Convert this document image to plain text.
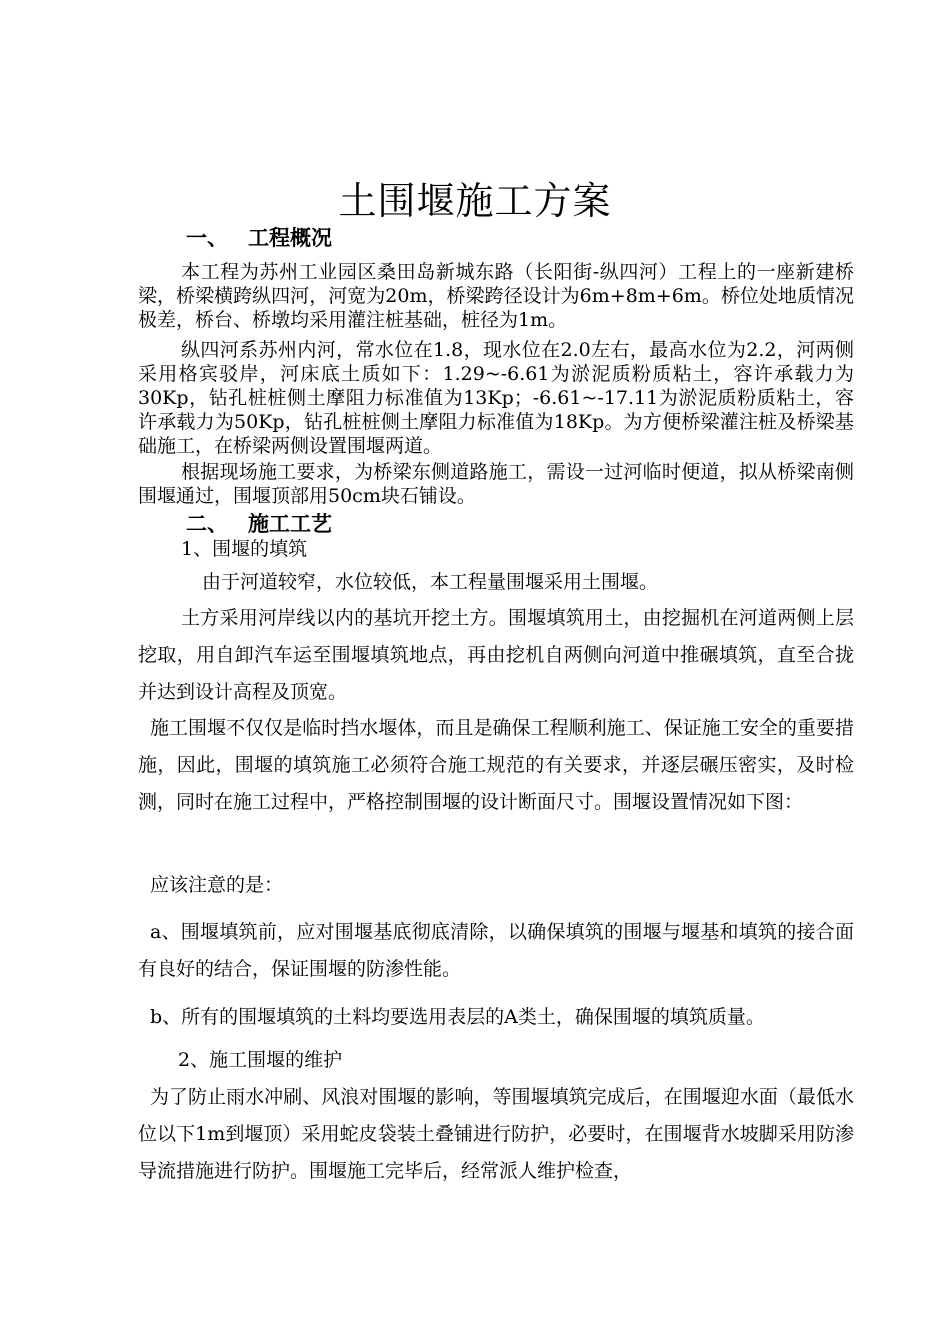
土围堰施工方案
一、 工程概况
本工程为苏州工业园区桑田岛新城东路（长阳街-纵四河）工程上的一座新建桥梁，桥梁横跨纵四河，河宽为20m，桥梁跨径设计为6m+8m+6m。桥位处地质情况极差，桥台、桥墩均采用灌注桩基础，桩径为1m。
纵四河系苏州内河，常水位在1.8，现水位在2.0左右，最高水位为2.2，河两侧采用格宾驳岸，河床底土质如下：1.29~-6.61为淤泥质粉质粘土，容许承载力为30Kp，钻孔桩桩侧土摩阻力标准值为13Kp；-6.61~-17.11为淤泥质粉质粘土，容许承载力为50Kp，钻孔桩桩侧土摩阻力标准值为18Kp。为方便桥梁灌注桩及桥梁基础施工，在桥梁两侧设置围堰两道。
根据现场施工要求，为桥梁东侧道路施工，需设一过河临时便道，拟从桥梁南侧围堰通过，围堰顶部用50cm块石铺设。
二、 施工工艺
1、围堰的填筑
由于河道较窄，水位较低，本工程量围堰采用土围堰。
土方采用河岸线以内的基坑开挖土方。围堰填筑用土，由挖掘机在河道两侧上层挖取，用自卸汽车运至围堰填筑地点，再由挖机自两侧向河道中推碾填筑，直至合拢并达到设计高程及顶宽。
施工围堰不仅仅是临时挡水堰体，而且是确保工程顺利施工、保证施工安全的重要措施，因此，围堰的填筑施工必须符合施工规范的有关要求，并逐层碾压密实，及时检测，同时在施工过程中，严格控制围堰的设计断面尺寸。围堰设置情况如下图：
应该注意的是：
a、围堰填筑前，应对围堰基底彻底清除，以确保填筑的围堰与堰基和填筑的接合面有良好的结合，保证围堰的防渗性能。
b、所有的围堰填筑的土料均要选用表层的A类土，确保围堰的填筑质量。
2、施工围堰的维护
为了防止雨水冲刷、风浪对围堰的影响，等围堰填筑完成后，在围堰迎水面（最低水位以下1m到堰顶）采用蛇皮袋装土叠铺进行防护，必要时，在围堰背水坡脚采用防渗导流措施进行防护。围堰施工完毕后，经常派人维护检查，
